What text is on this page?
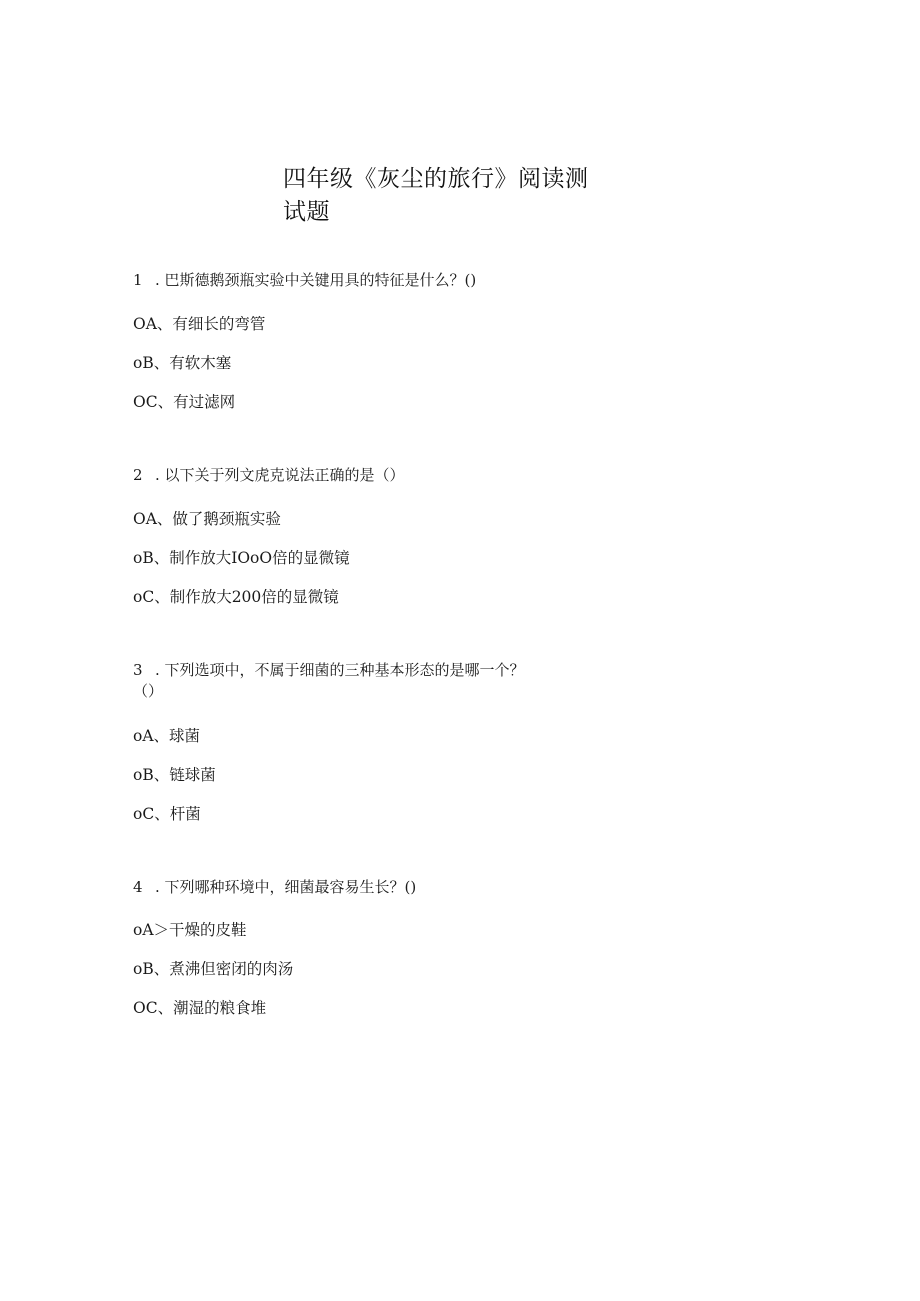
四年级《灰尘的旅行》阅读测
试题
1 . 巴斯德鹅颈瓶实验中关键用具的特征是什么？()
OA、有细长的弯管
oB、有软木塞
OC、有过滤网
2 . 以下关于列文虎克说法正确的是（）
OA、做了鹅颈瓶实验
oB、制作放大IOoO倍的显微镜
oC、制作放大200倍的显微镜
3 . 下列选项中，不属于细菌的三种基本形态的是哪一个？
（）
oA、球菌
oB、链球菌
oC、杆菌
4 . 下列哪种环境中，细菌最容易生长？()
oA＞干燥的皮鞋
oB、煮沸但密闭的肉汤
OC、潮湿的粮食堆
